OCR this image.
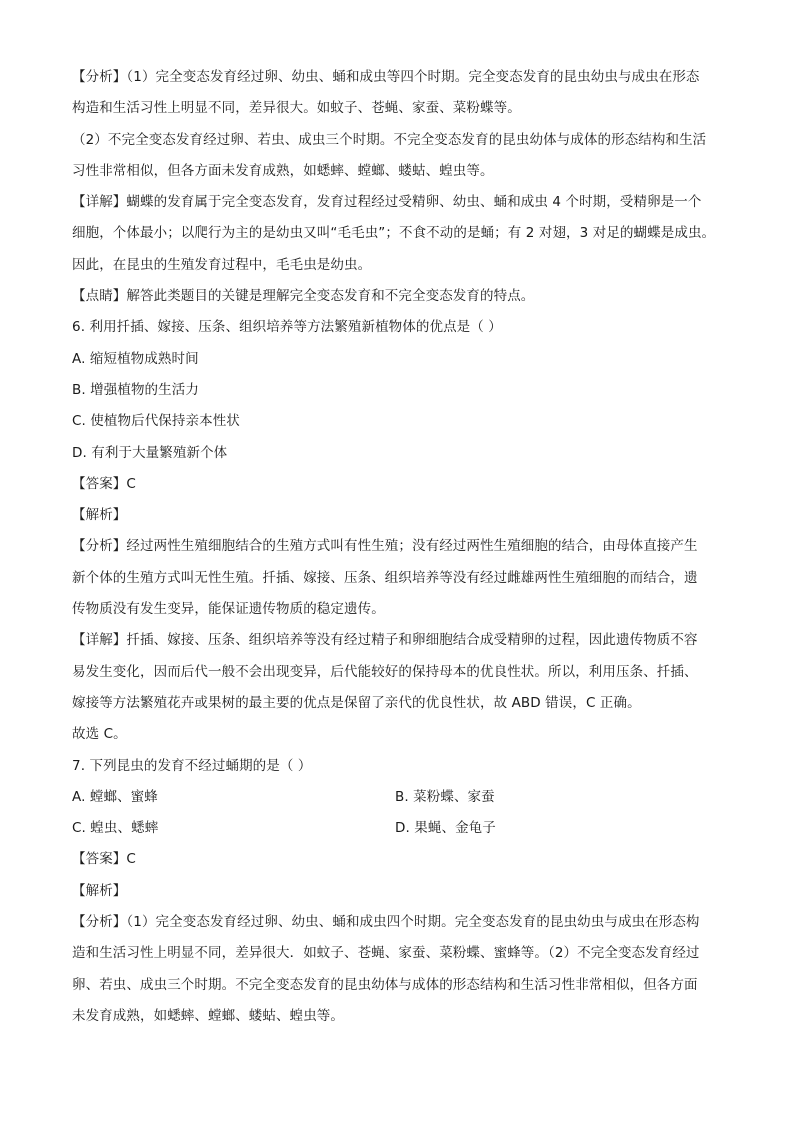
【分析】（1）完全变态发育经过卵、幼虫、蛹和成虫等四个时期。完全变态发育的昆虫幼虫与成虫在形态
构造和生活习性上明显不同，差异很大。如蚊子、苍蝇、家蚕、菜粉蝶等。
（2）不完全变态发育经过卵、若虫、成虫三个时期。不完全变态发育的昆虫幼体与成体的形态结构和生活
习性非常相似，但各方面未发育成熟，如蟋蟀、螳螂、蝼蛄、蝗虫等。
【详解】蝴蝶的发育属于完全变态发育，发育过程经过受精卵、幼虫、蛹和成虫 4 个时期，受精卵是一个
细胞，个体最小；以爬行为主的是幼虫又叫“毛毛虫”；不食不动的是蛹；有 2 对翅，3 对足的蝴蝶是成虫。
因此，在昆虫的生殖发育过程中，毛毛虫是幼虫。
【点睛】解答此类题目的关键是理解完全变态发育和不完全变态发育的特点。
6. 利用扦插、嫁接、压条、组织培养等方法繁殖新植物体的优点是（ ）
A. 缩短植物成熟时间
B. 增强植物的生活力
C. 使植物后代保持亲本性状
D. 有利于大量繁殖新个体
【答案】C
【解析】
【分析】经过两性生殖细胞结合的生殖方式叫有性生殖；没有经过两性生殖细胞的结合，由母体直接产生
新个体的生殖方式叫无性生殖。扦插、嫁接、压条、组织培养等没有经过雌雄两性生殖细胞的而结合，遗
传物质没有发生变异，能保证遗传物质的稳定遗传。
【详解】扦插、嫁接、压条、组织培养等没有经过精子和卵细胞结合成受精卵的过程，因此遗传物质不容
易发生变化，因而后代一般不会出现变异，后代能较好的保持母本的优良性状。所以，利用压条、扦插、
嫁接等方法繁殖花卉或果树的最主要的优点是保留了亲代的优良性状，故 ABD 错误，C 正确。
故选 C。
7. 下列昆虫的发育不经过蛹期的是（ ）
A. 螳螂、蜜蜂	B. 菜粉蝶、家蚕
C. 蝗虫、蟋蟀	D. 果蝇、金龟子
【答案】C
【解析】
【分析】（1）完全变态发育经过卵、幼虫、蛹和成虫四个时期。完全变态发育的昆虫幼虫与成虫在形态构
造和生活习性上明显不同，差异很大．如蚊子、苍蝇、家蚕、菜粉蝶、蜜蜂等。（2）不完全变态发育经过
卵、若虫、成虫三个时期。不完全变态发育的昆虫幼体与成体的形态结构和生活习性非常相似，但各方面
未发育成熟，如蟋蟀、螳螂、蝼蛄、蝗虫等。
